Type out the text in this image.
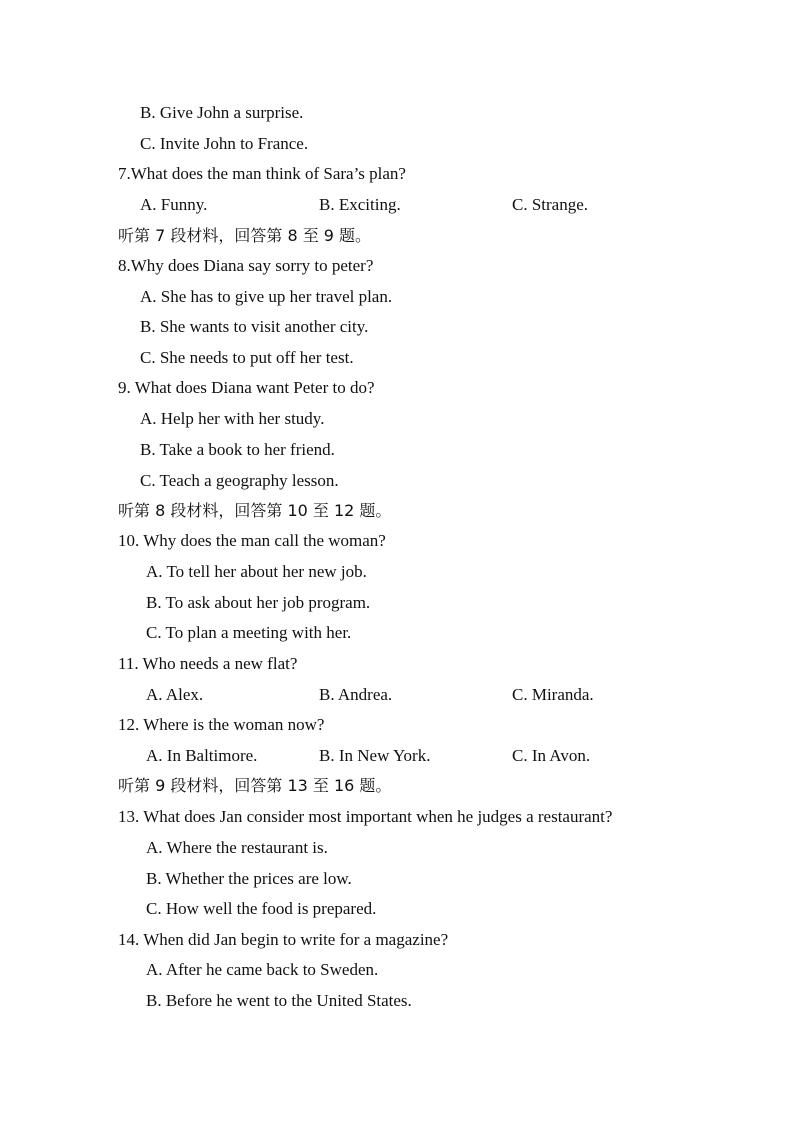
B. Give John a surprise.
C. Invite John to France.
7.What does the man think of Sara’s plan?
A. Funny.	B. Exciting.	C. Strange.
听第 7 段材料，回答第 8 至 9 题。
8.Why does Diana say sorry to peter?
A. She has to give up her travel plan.
B. She wants to visit another city.
C. She needs to put off her test.
9. What does Diana want Peter to do?
A. Help her with her study.
B. Take a book to her friend.
C. Teach a geography lesson.
听第 8 段材料，回答第 10 至 12 题。
10. Why does the man call the woman?
A. To tell her about her new job.
B. To ask about her job program.
C. To plan a meeting with her.
11. Who needs a new flat?
A. Alex.	B. Andrea.	C. Miranda.
12. Where is the woman now?
A. In Baltimore.	B. In New York.	C. In Avon.
听第 9 段材料，回答第 13 至 16 题。
13. What does Jan consider most important when he judges a restaurant?
A. Where the restaurant is.
B. Whether the prices are low.
C. How well the food is prepared.
14. When did Jan begin to write for a magazine?
A. After he came back to Sweden.
B. Before he went to the United States.
